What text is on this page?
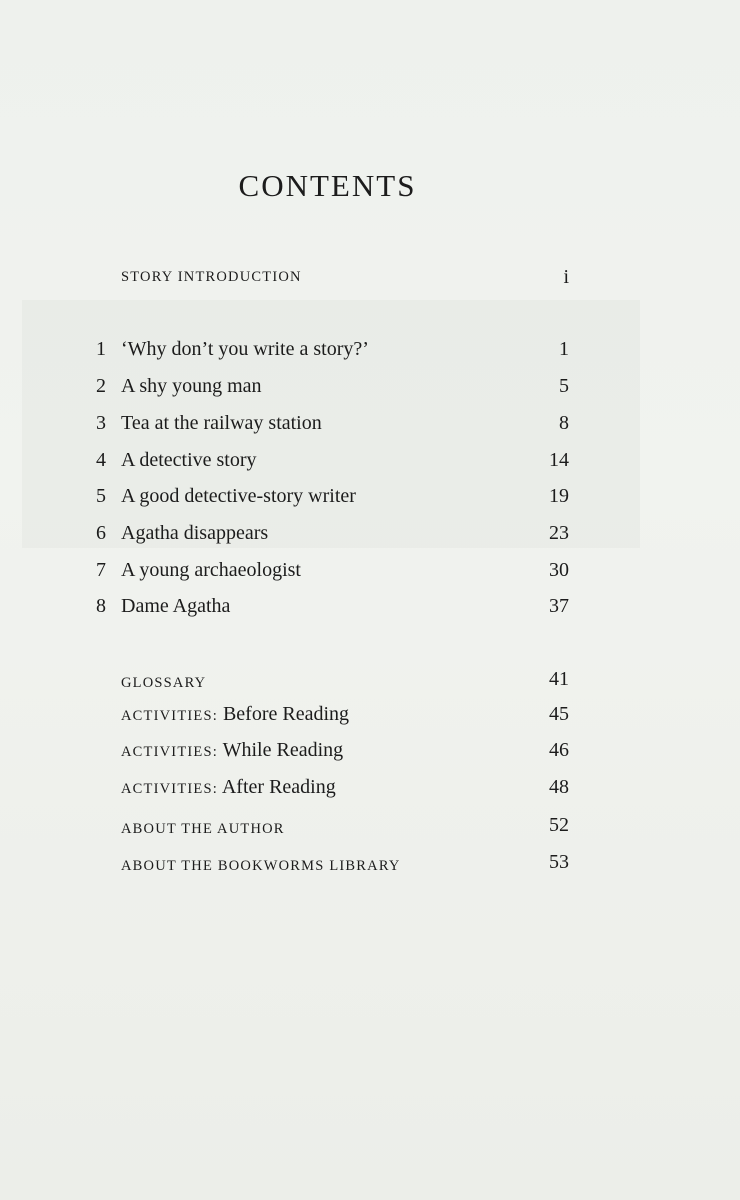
CONTENTS
STORY INTRODUCTION	i
1 ‘Why don’t you write a story?’	1
2 A shy young man	5
3 Tea at the railway station	8
4 A detective story	14
5 A good detective-story writer	19
6 Agatha disappears	23
7 A young archaeologist	30
8 Dame Agatha	37
GLOSSARY	41
ACTIVITIES: Before Reading	45
ACTIVITIES: While Reading	46
ACTIVITIES: After Reading	48
ABOUT THE AUTHOR	52
ABOUT THE BOOKWORMS LIBRARY	53
